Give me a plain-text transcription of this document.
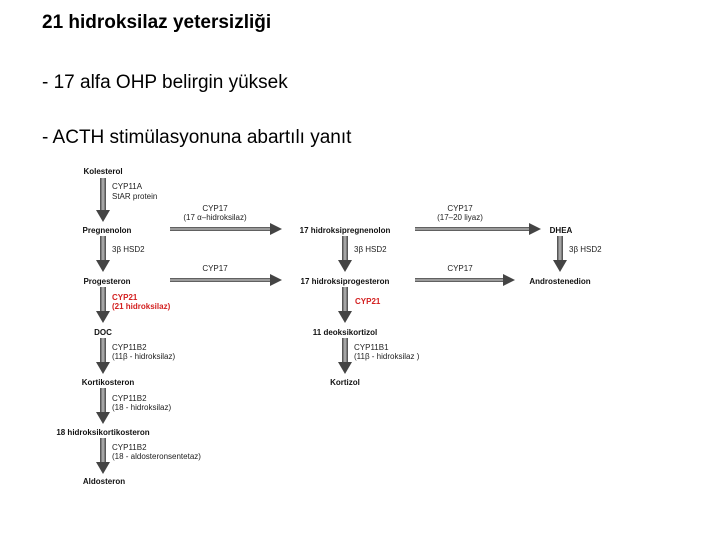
21 hidroksilaz yetersizliği
- 17 alfa OHP belirgin yüksek
- ACTH stimülasyonuna abartılı yanıt
Kolesterol
Pregnenolon	17 hidroksipregnenolon	DHEA
Progesteron	17 hidroksiprogesteron	Androstenedion
DOC	11 deoksikortizol
Kortikosteron	Kortizol
18 hidroksikortikosteron
Aldosteron
CYP11A
StAR protein
CYP17
(17 α–hidroksilaz)
CYP17
(17–20 liyaz)
3β HSD2	3β HSD2	3β HSD2
CYP17	CYP17
CYP21
(21 hidroksilaz)
CYP21
CYP11B2
(11β - hidroksilaz)
CYP11B1
(11β - hidroksilaz )
CYP11B2
(18 - hidroksilaz)
CYP11B2
(18 - aldosteronsentetaz)
